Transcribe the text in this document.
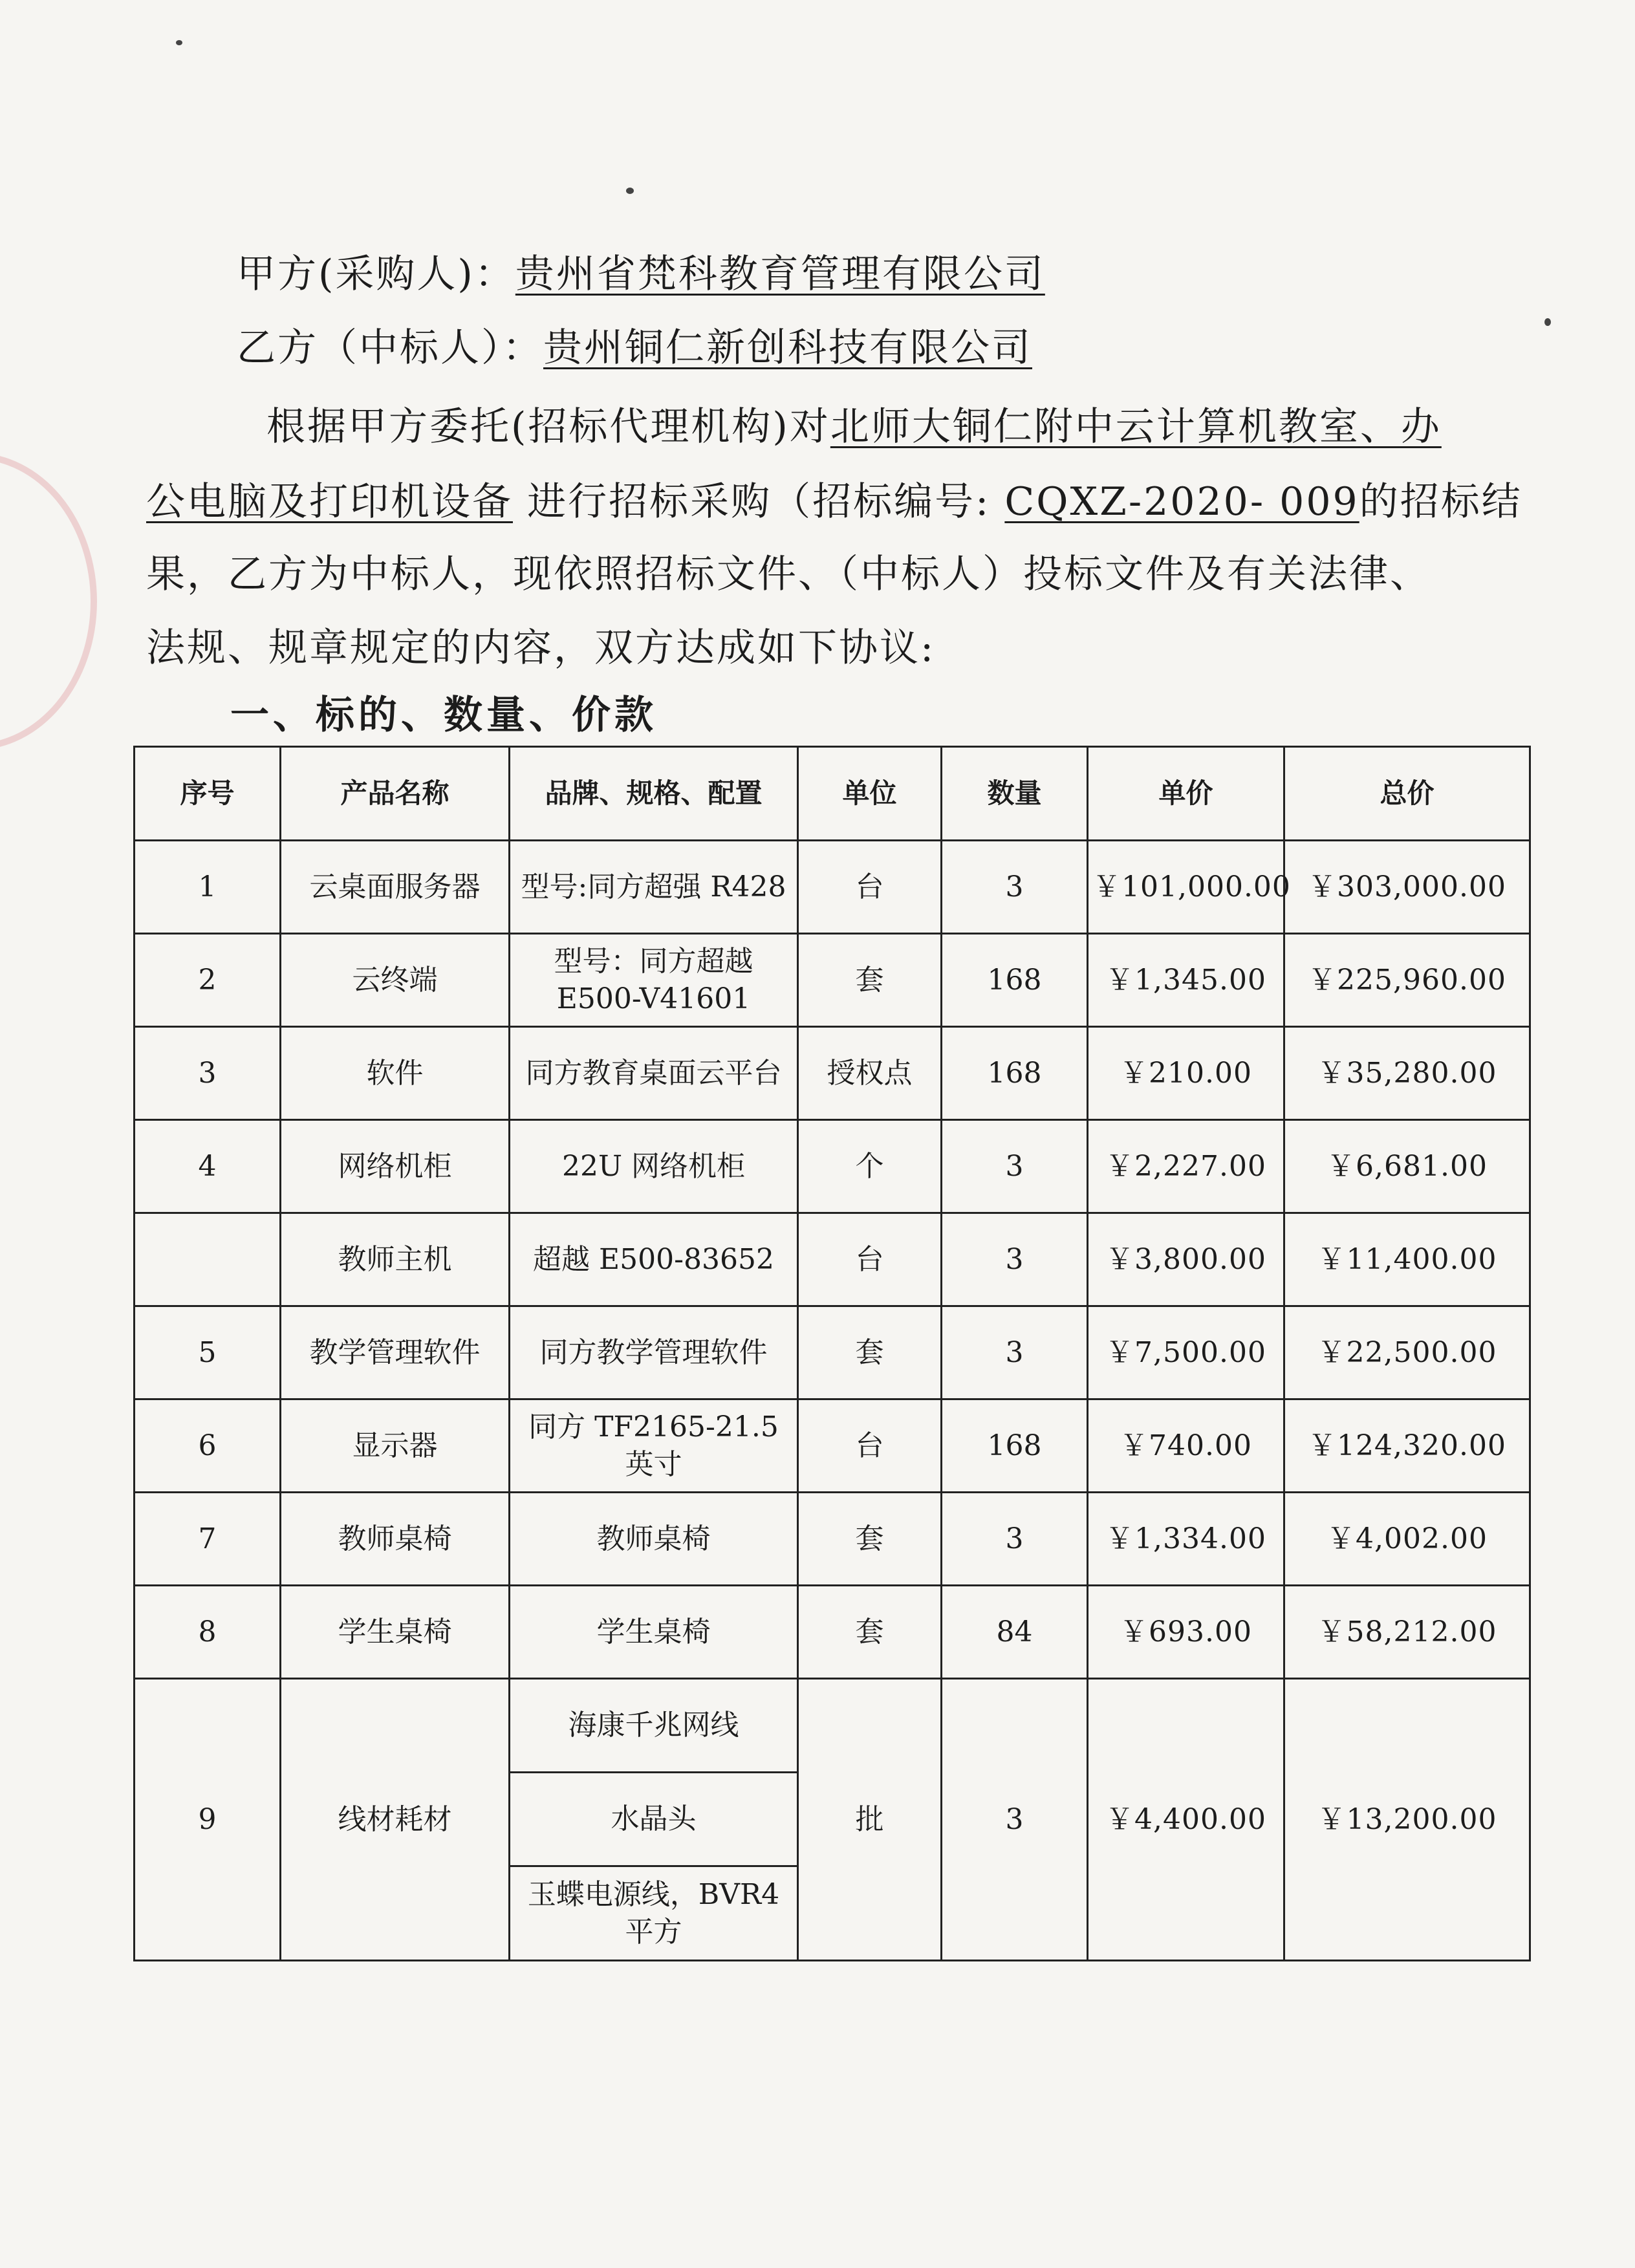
甲方(采购人)：贵州省梵科教育管理有限公司
乙方（中标人）：贵州铜仁新创科技有限公司
根据甲方委托(招标代理机构)对北师大铜仁附中云计算机教室、办
公电脑及打印机设备 进行招标采购（招标编号: CQXZ-2020- 009的招标结
果，乙方为中标人，现依照招标文件、（中标人）投标文件及有关法律、
法规、规章规定的内容，双方达成如下协议:
一、标的、数量、价款
序号	产品名称	品牌、规格、配置	单位	数量	单价	总价
1	云桌面服务器	型号:同方超强 R428	台	3	￥101,000.00	￥303,000.00
2	云终端	型号：同方超越 E500-V41601	套	168	￥1,345.00	￥225,960.00
3	软件	同方教育桌面云平台	授权点	168	￥210.00	￥35,280.00
4	网络机柜	22U 网络机柜	个	3	￥2,227.00	￥6,681.00
	教师主机	超越 E500-83652	台	3	￥3,800.00	￥11,400.00
5	教学管理软件	同方教学管理软件	套	3	￥7,500.00	￥22,500.00
6	显示器	同方 TF2165-21.5 英寸	台	168	￥740.00	￥124,320.00
7	教师桌椅	教师桌椅	套	3	￥1,334.00	￥4,002.00
8	学生桌椅	学生桌椅	套	84	￥693.00	￥58,212.00
9	线材耗材	海康千兆网线	批	3	￥4,400.00	￥13,200.00
		水晶头				
		玉蝶电源线，BVR4 平方				
